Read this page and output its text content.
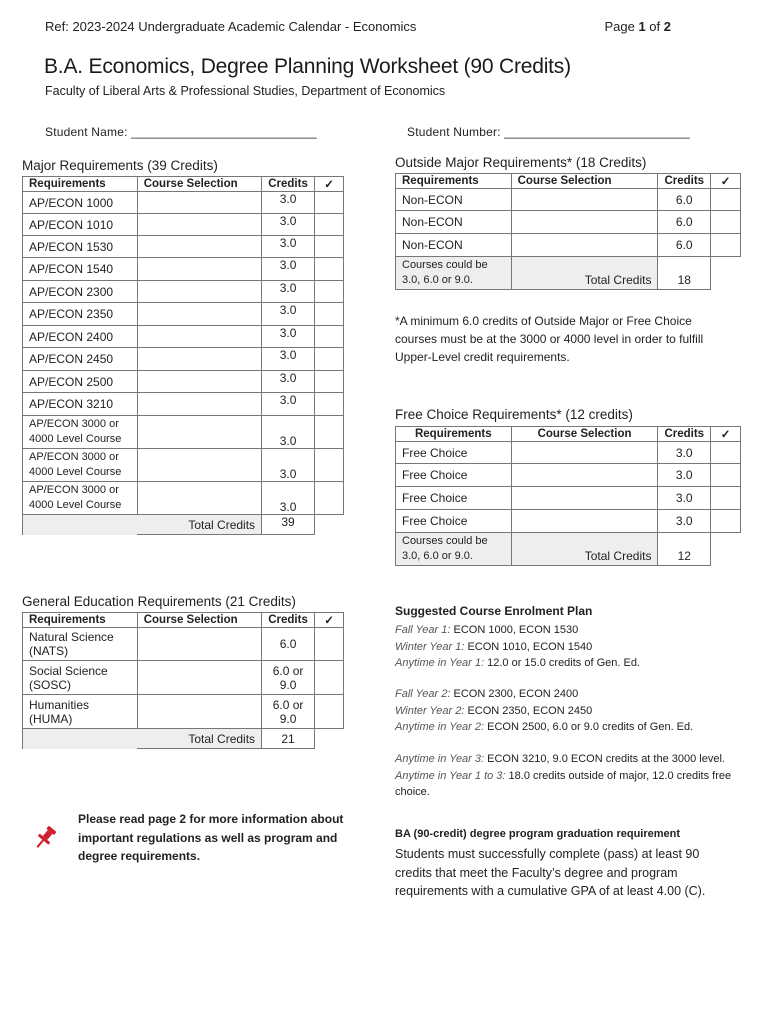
Ref: 2023-2024 Undergraduate Academic Calendar - Economics	Page 1 of 2
B.A. Economics, Degree Planning Worksheet (90 Credits)
Faculty of Liberal Arts & Professional Studies, Department of Economics
Student Name: ___________________________	Student Number: ___________________________
Major Requirements (39 Credits)
Requirements	Course Selection	Credits	✓
AP/ECON 1000		3.0	
AP/ECON 1010		3.0	
AP/ECON 1530		3.0	
AP/ECON 1540		3.0	
AP/ECON 2300		3.0	
AP/ECON 2350		3.0	
AP/ECON 2400		3.0	
AP/ECON 2450		3.0	
AP/ECON 2500		3.0	
AP/ECON 3210		3.0	
AP/ECON 3000 or 4000 Level Course		3.0	
AP/ECON 3000 or 4000 Level Course		3.0	
AP/ECON 3000 or 4000 Level Course		3.0	
	Total Credits	39	
Outside Major Requirements* (18 Credits)
Requirements	Course Selection	Credits	✓
Non-ECON		6.0	
Non-ECON		6.0	
Non-ECON		6.0	
Courses could be 3.0, 6.0 or 9.0.	Total Credits	18	
*A minimum 6.0 credits of Outside Major or Free Choice courses must be at the 3000 or 4000 level in order to fulfill Upper-Level credit requirements.
Free Choice Requirements* (12 credits)
Requirements	Course Selection	Credits	✓
Free Choice		3.0	
Free Choice		3.0	
Free Choice		3.0	
Free Choice		3.0	
Courses could be 3.0, 6.0 or 9.0.	Total Credits	12	
General Education Requirements (21 Credits)
Requirements	Course Selection	Credits	✓
Natural Science (NATS)		6.0	
Social Science (SOSC)		6.0 or 9.0	
Humanities (HUMA)		6.0 or 9.0	
	Total Credits	21	
Suggested Course Enrolment Plan
Fall Year 1: ECON 1000, ECON 1530
Winter Year 1: ECON 1010, ECON 1540
Anytime in Year 1: 12.0 or 15.0 credits of Gen. Ed.
Fall Year 2: ECON 2300, ECON 2400
Winter Year 2: ECON 2350, ECON 2450
Anytime in Year 2: ECON 2500, 6.0 or 9.0 credits of Gen. Ed.
Anytime in Year 3: ECON 3210, 9.0 ECON credits at the 3000 level.
Anytime in Year 1 to 3: 18.0 credits outside of major, 12.0 credits free choice.
Please read page 2 for more information about important regulations as well as program and degree requirements.
BA (90-credit) degree program graduation requirement
Students must successfully complete (pass) at least 90 credits that meet the Faculty’s degree and program requirements with a cumulative GPA of at least 4.00 (C).
